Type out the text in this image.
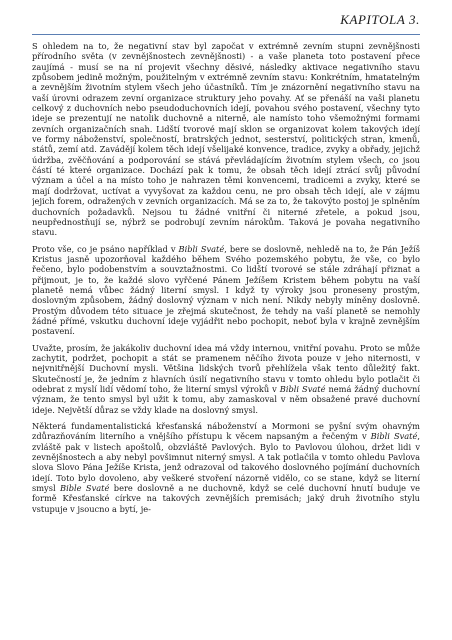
KAPITOLA 3.

S ohledem na to, že negativní stav byl započat v extrémně zevním stupni zevnějšnosti přírodního světa (v zevnějšnostech zevnějšnosti) - a vaše planeta toto postavení přece zaujímá - musí se na ní projevit všechny děsivé, následky aktivace negativního stavu způsobem jedině možným, použitelným v extrémně zevním stavu: Konkrétním, hmatatelným a zevnějším životním stylem všech jeho účastníků. Tím je znázornění negativního stavu na vaší úrovni odrazem zevní organizace struktury jeho povahy. Ať se přenáší na vaši planetu celkový z duchovních nebo pseudoduchovních idejí, povahou svého postavení, všechny tyto ideje se prezentují ne natolik duchovně a niterně, ale namísto toho všemožnými formami zevních organizačních snah. Lidští tvorové mají sklon se organizovat kolem takových idejí ve formy náboženství, společností, bratrských jednot, sesterství, politických stran, kmenů, států, zemí atd. Zavádějí kolem těch idejí všelijaké konvence, tradice, zvyky a obřady, jejichž údržba, zvěčňování a podporování se stává převládajícím životním stylem všech, co jsou částí té které organizace. Dochází pak k tomu, že obsah těch idejí ztrácí svůj původní význam a účel a na místo toho je nahrazen těmi konvencemi, tradicemi a zvyky, které se mají dodržovat, uctívat a vyvyšovat za každou cenu, ne pro obsah těch idejí, ale v zájmu jejich forem, odražených v zevních organizacích. Má se za to, že takovýto postoj je splněním duchovních požadavků. Nejsou tu žádné vnitřní či niterné zřetele, a pokud jsou, neupřednostňují se, nýbrž se podrobují zevním nárokům. Taková je povaha negativního stavu.

Proto vše, co je psáno například v Bibli Svaté, bere se doslovně, nehledě na to, že Pán Ježíš Kristus jasně upozorňoval každého během Svého pozemského pobytu, že vše, co bylo řečeno, bylo podobenstvím a souvztažnostmi. Co lidští tvorové se stále zdráhají přiznat a přijmout, je to, že každé slovo vyřčené Pánem Ježíšem Kristem během pobytu na vaší planetě nemá vůbec žádný literní smysl. I když ty výroky jsou proneseny prostým, doslovným způsobem, žádný doslovný význam v nich není. Nikdy nebyly míněny doslovně. Prostým důvodem této situace je zřejmá skutečnost, že tehdy na vaší planetě se nemohly žádné přímé, vskutku duchovní ideje vyjádřit nebo pochopit, neboť byla v krajně zevnějším postavení.

Uvažte, prosím, že jakákoliv duchovní idea má vždy internou, vnitřní povahu. Proto se může zachytit, podržet, pochopit a stát se pramenem něčího života pouze v jeho niternosti, v nejvnitřnější Duchovní mysli. Většina lidských tvorů přehlížela však tento důležitý fakt. Skutečností je, že jedním z hlavních úsilí negativního stavu v tomto ohledu bylo potlačit či odebrat z myslí lidí vědomí toho, že literní smysl výroků v Bibli Svaté nemá žádný duchovní význam, že tento smysl byl užit k tomu, aby zamaskoval v něm obsažené pravé duchovní ideje. Největší důraz se vždy klade na doslovný smysl.

Některá fundamentalistická křesťanská náboženství a Mormoni se pyšní svým ohavným zdůrazňováním literního a vnějšího přístupu k věcem napsaným a řečeným v Bibli Svaté, zvláště pak v listech apoštolů, obzvláště Pavlových. Bylo to Pavlovou úlohou, držet lidi v zevnějšnostech a aby nebyl povšimnut niterný smysl. A tak potlačila v tomto ohledu Pavlova slova Slovo Pána Ježíše Krista, jenž odrazoval od takového doslovného pojímání duchovních idejí. Toto bylo dovoleno, aby veškeré stvoření názorně vidělo, co se stane, když se literní smysl Bible Svaté bere doslovně a ne duchovně, když se celé duchovní hnutí buduje ve formě Křesťanské církve na takových zevnějších premisách; jaký druh životního stylu vstupuje v jsoucno a bytí, je-
